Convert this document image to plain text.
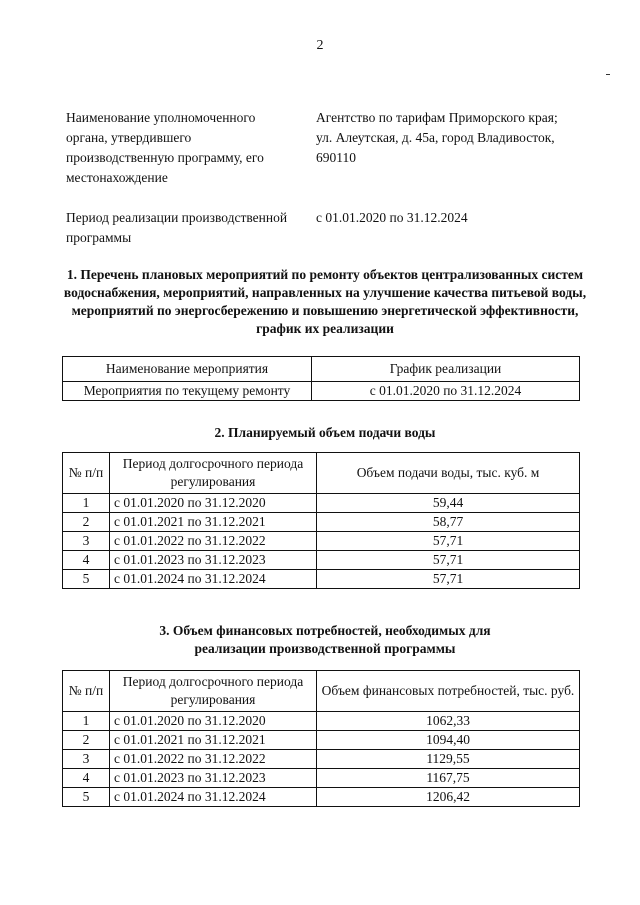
2
Наименование уполномоченного органа, утвердившего производственную программу, его местонахождение
Агентство по тарифам Приморского края; ул. Алеутская, д. 45а, город Владивосток, 690110
Период реализации производственной программы
с 01.01.2020 по 31.12.2024
1. Перечень плановых мероприятий по ремонту объектов централизованных систем водоснабжения, мероприятий, направленных на улучшение качества питьевой воды, мероприятий по энергосбережению и повышению энергетической эффективности, график их реализации
Наименование мероприятия	График реализации
Мероприятия по текущему ремонту	с 01.01.2020 по 31.12.2024
2. Планируемый объем подачи воды
№ п/п	Период долгосрочного периода регулирования	Объем подачи воды, тыс. куб. м
1	с 01.01.2020 по 31.12.2020	59,44
2	с 01.01.2021 по 31.12.2021	58,77
3	с 01.01.2022 по 31.12.2022	57,71
4	с 01.01.2023 по 31.12.2023	57,71
5	с 01.01.2024 по 31.12.2024	57,71
3. Объем финансовых потребностей, необходимых для реализации производственной программы
№ п/п	Период долгосрочного периода регулирования	Объем финансовых потребностей, тыс. руб.
1	с 01.01.2020 по 31.12.2020	1062,33
2	с 01.01.2021 по 31.12.2021	1094,40
3	с 01.01.2022 по 31.12.2022	1129,55
4	с 01.01.2023 по 31.12.2023	1167,75
5	с 01.01.2024 по 31.12.2024	1206,42
